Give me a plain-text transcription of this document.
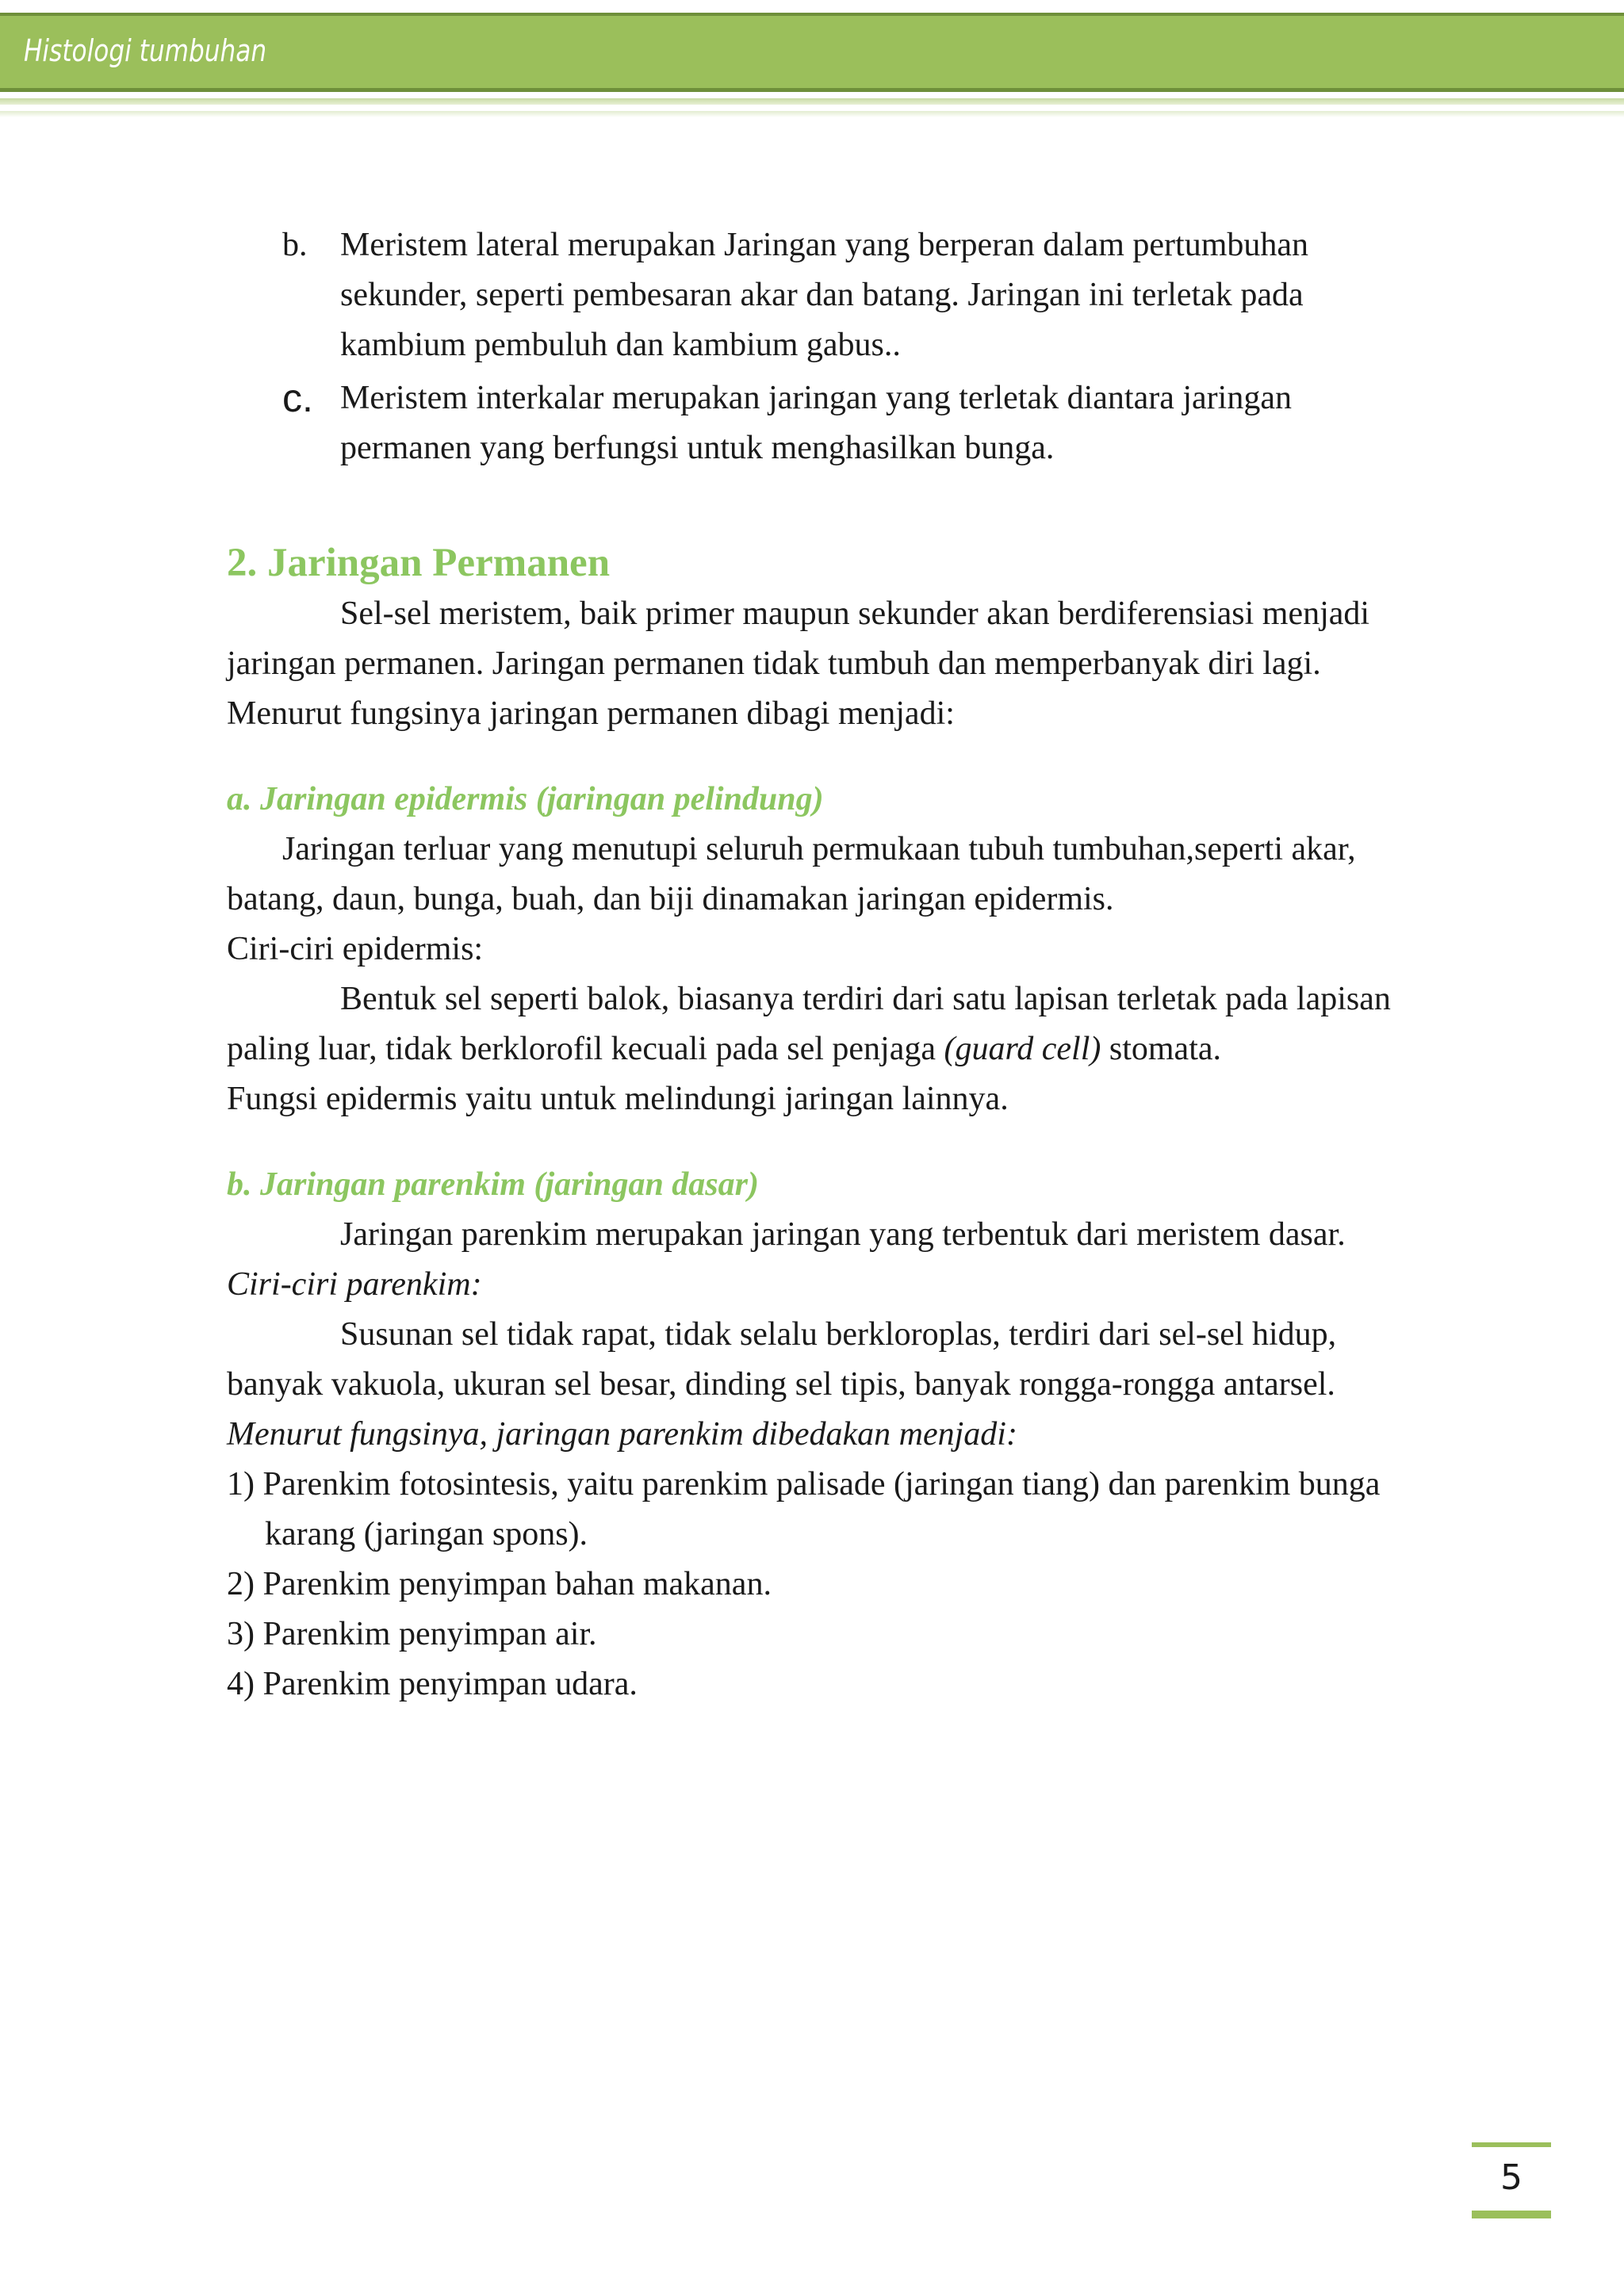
Histologi tumbuhan

b. Meristem lateral merupakan Jaringan yang berperan dalam pertumbuhan sekunder, seperti pembesaran akar dan batang. Jaringan ini terletak pada kambium pembuluh dan kambium gabus..

c. Meristem interkalar merupakan jaringan yang terletak diantara jaringan permanen yang berfungsi untuk menghasilkan bunga.

2. Jaringan Permanen

Sel-sel meristem, baik primer maupun sekunder akan berdiferensiasi menjadi jaringan permanen. Jaringan permanen tidak tumbuh dan memperbanyak diri lagi.

Menurut fungsinya jaringan permanen dibagi menjadi:

a. Jaringan epidermis (jaringan pelindung)

Jaringan terluar yang menutupi seluruh permukaan tubuh tumbuhan,seperti akar, batang, daun, bunga, buah, dan biji dinamakan jaringan epidermis.

Ciri-ciri epidermis:

Bentuk sel seperti balok, biasanya terdiri dari satu lapisan terletak pada lapisan paling luar, tidak berklorofil kecuali pada sel penjaga (guard cell) stomata.

Fungsi epidermis yaitu untuk melindungi jaringan lainnya.

b. Jaringan parenkim (jaringan dasar)

Jaringan parenkim merupakan jaringan yang terbentuk dari meristem dasar.

Ciri-ciri parenkim:

Susunan sel tidak rapat, tidak selalu berkloroplas, terdiri dari sel-sel hidup,

banyak vakuola, ukuran sel besar, dinding sel tipis, banyak rongga-rongga antarsel.

Menurut fungsinya, jaringan parenkim dibedakan menjadi:

1) Parenkim fotosintesis, yaitu parenkim palisade (jaringan tiang) dan parenkim bunga karang (jaringan spons).

2) Parenkim penyimpan bahan makanan.

3) Parenkim penyimpan air.

4) Parenkim penyimpan udara.

5
